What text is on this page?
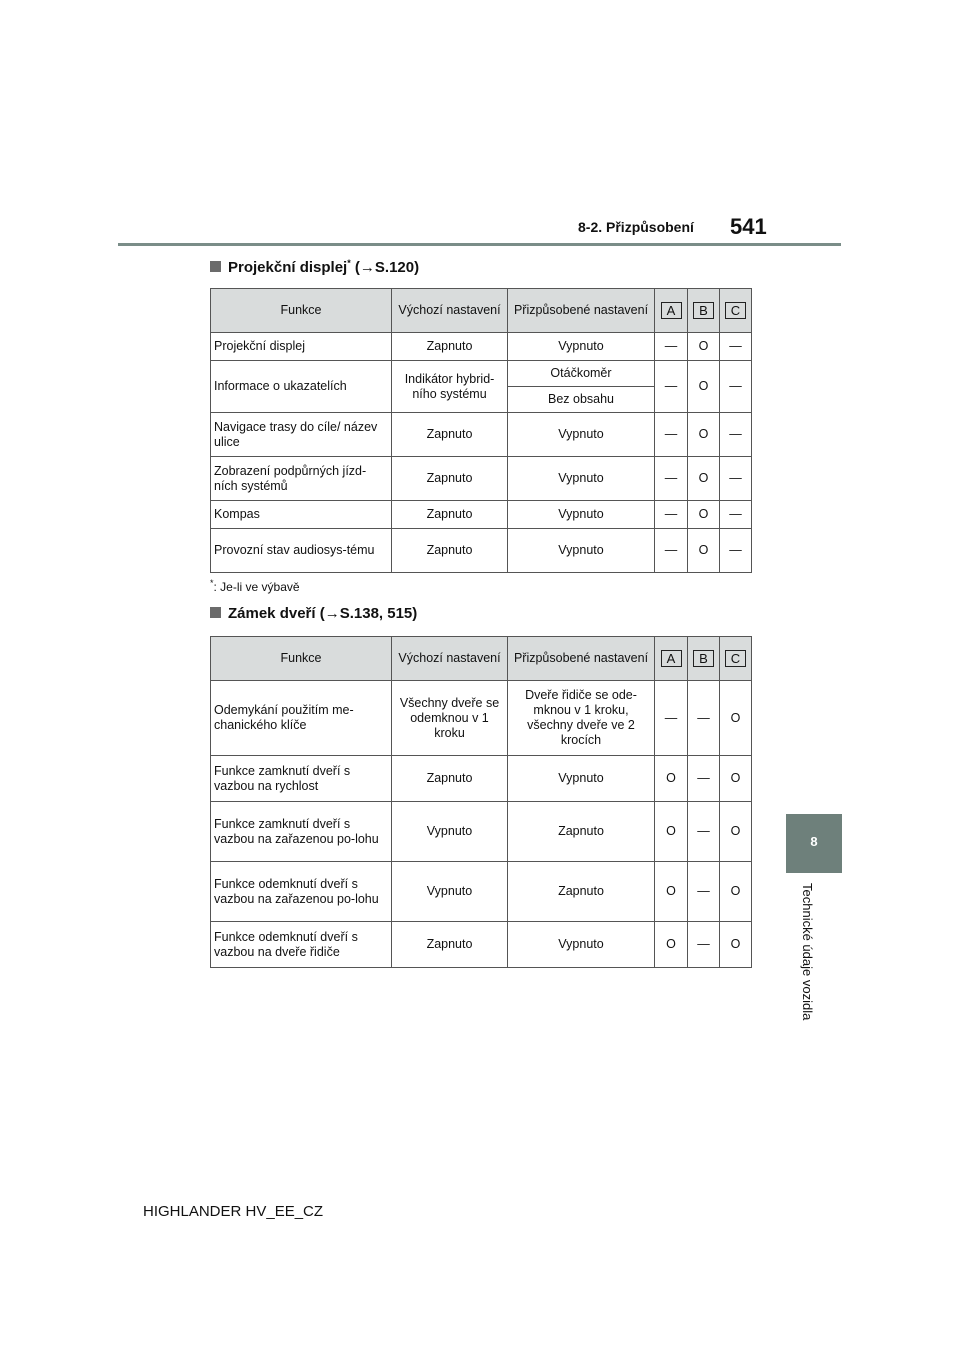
8-2. Přizpůsobení 541
8
Technické údaje vozidla
Projekční displej* (→S.120)
Funkce	Výchozí nastavení	Přizpůsobené nastavení	A	B	C
Projekční displej	Zapnuto	Vypnuto	—	O	—
Informace o ukazatelích	Indikátor hybrid-ního systému	Otáčkoměr	—	O	—
		Bez obsahu			
Navigace trasy do cíle/ název ulice	Zapnuto	Vypnuto	—	O	—
Zobrazení podpůrných jízd-ních systémů	Zapnuto	Vypnuto	—	O	—
Kompas	Zapnuto	Vypnuto	—	O	—
Provozní stav audiosys-tému	Zapnuto	Vypnuto	—	O	—
*: Je-li ve výbavě
Zámek dveří (→S.138, 515)
Funkce	Výchozí nastavení	Přizpůsobené nastavení	A	B	C
Odemykání použitím me-chanického klíče	Všechny dveře se odemknou v 1 kroku	Dveře řidiče se ode-mknou v 1 kroku, všechny dveře ve 2 krocích	—	—	O
Funkce zamknutí dveří s vazbou na rychlost	Zapnuto	Vypnuto	O	—	O
Funkce zamknutí dveří s vazbou na zařazenou po-lohu	Vypnuto	Zapnuto	O	—	O
Funkce odemknutí dveří s vazbou na zařazenou po-lohu	Vypnuto	Zapnuto	O	—	O
Funkce odemknutí dveří s vazbou na dveře řidiče	Zapnuto	Vypnuto	O	—	O
HIGHLANDER HV_EE_CZ
